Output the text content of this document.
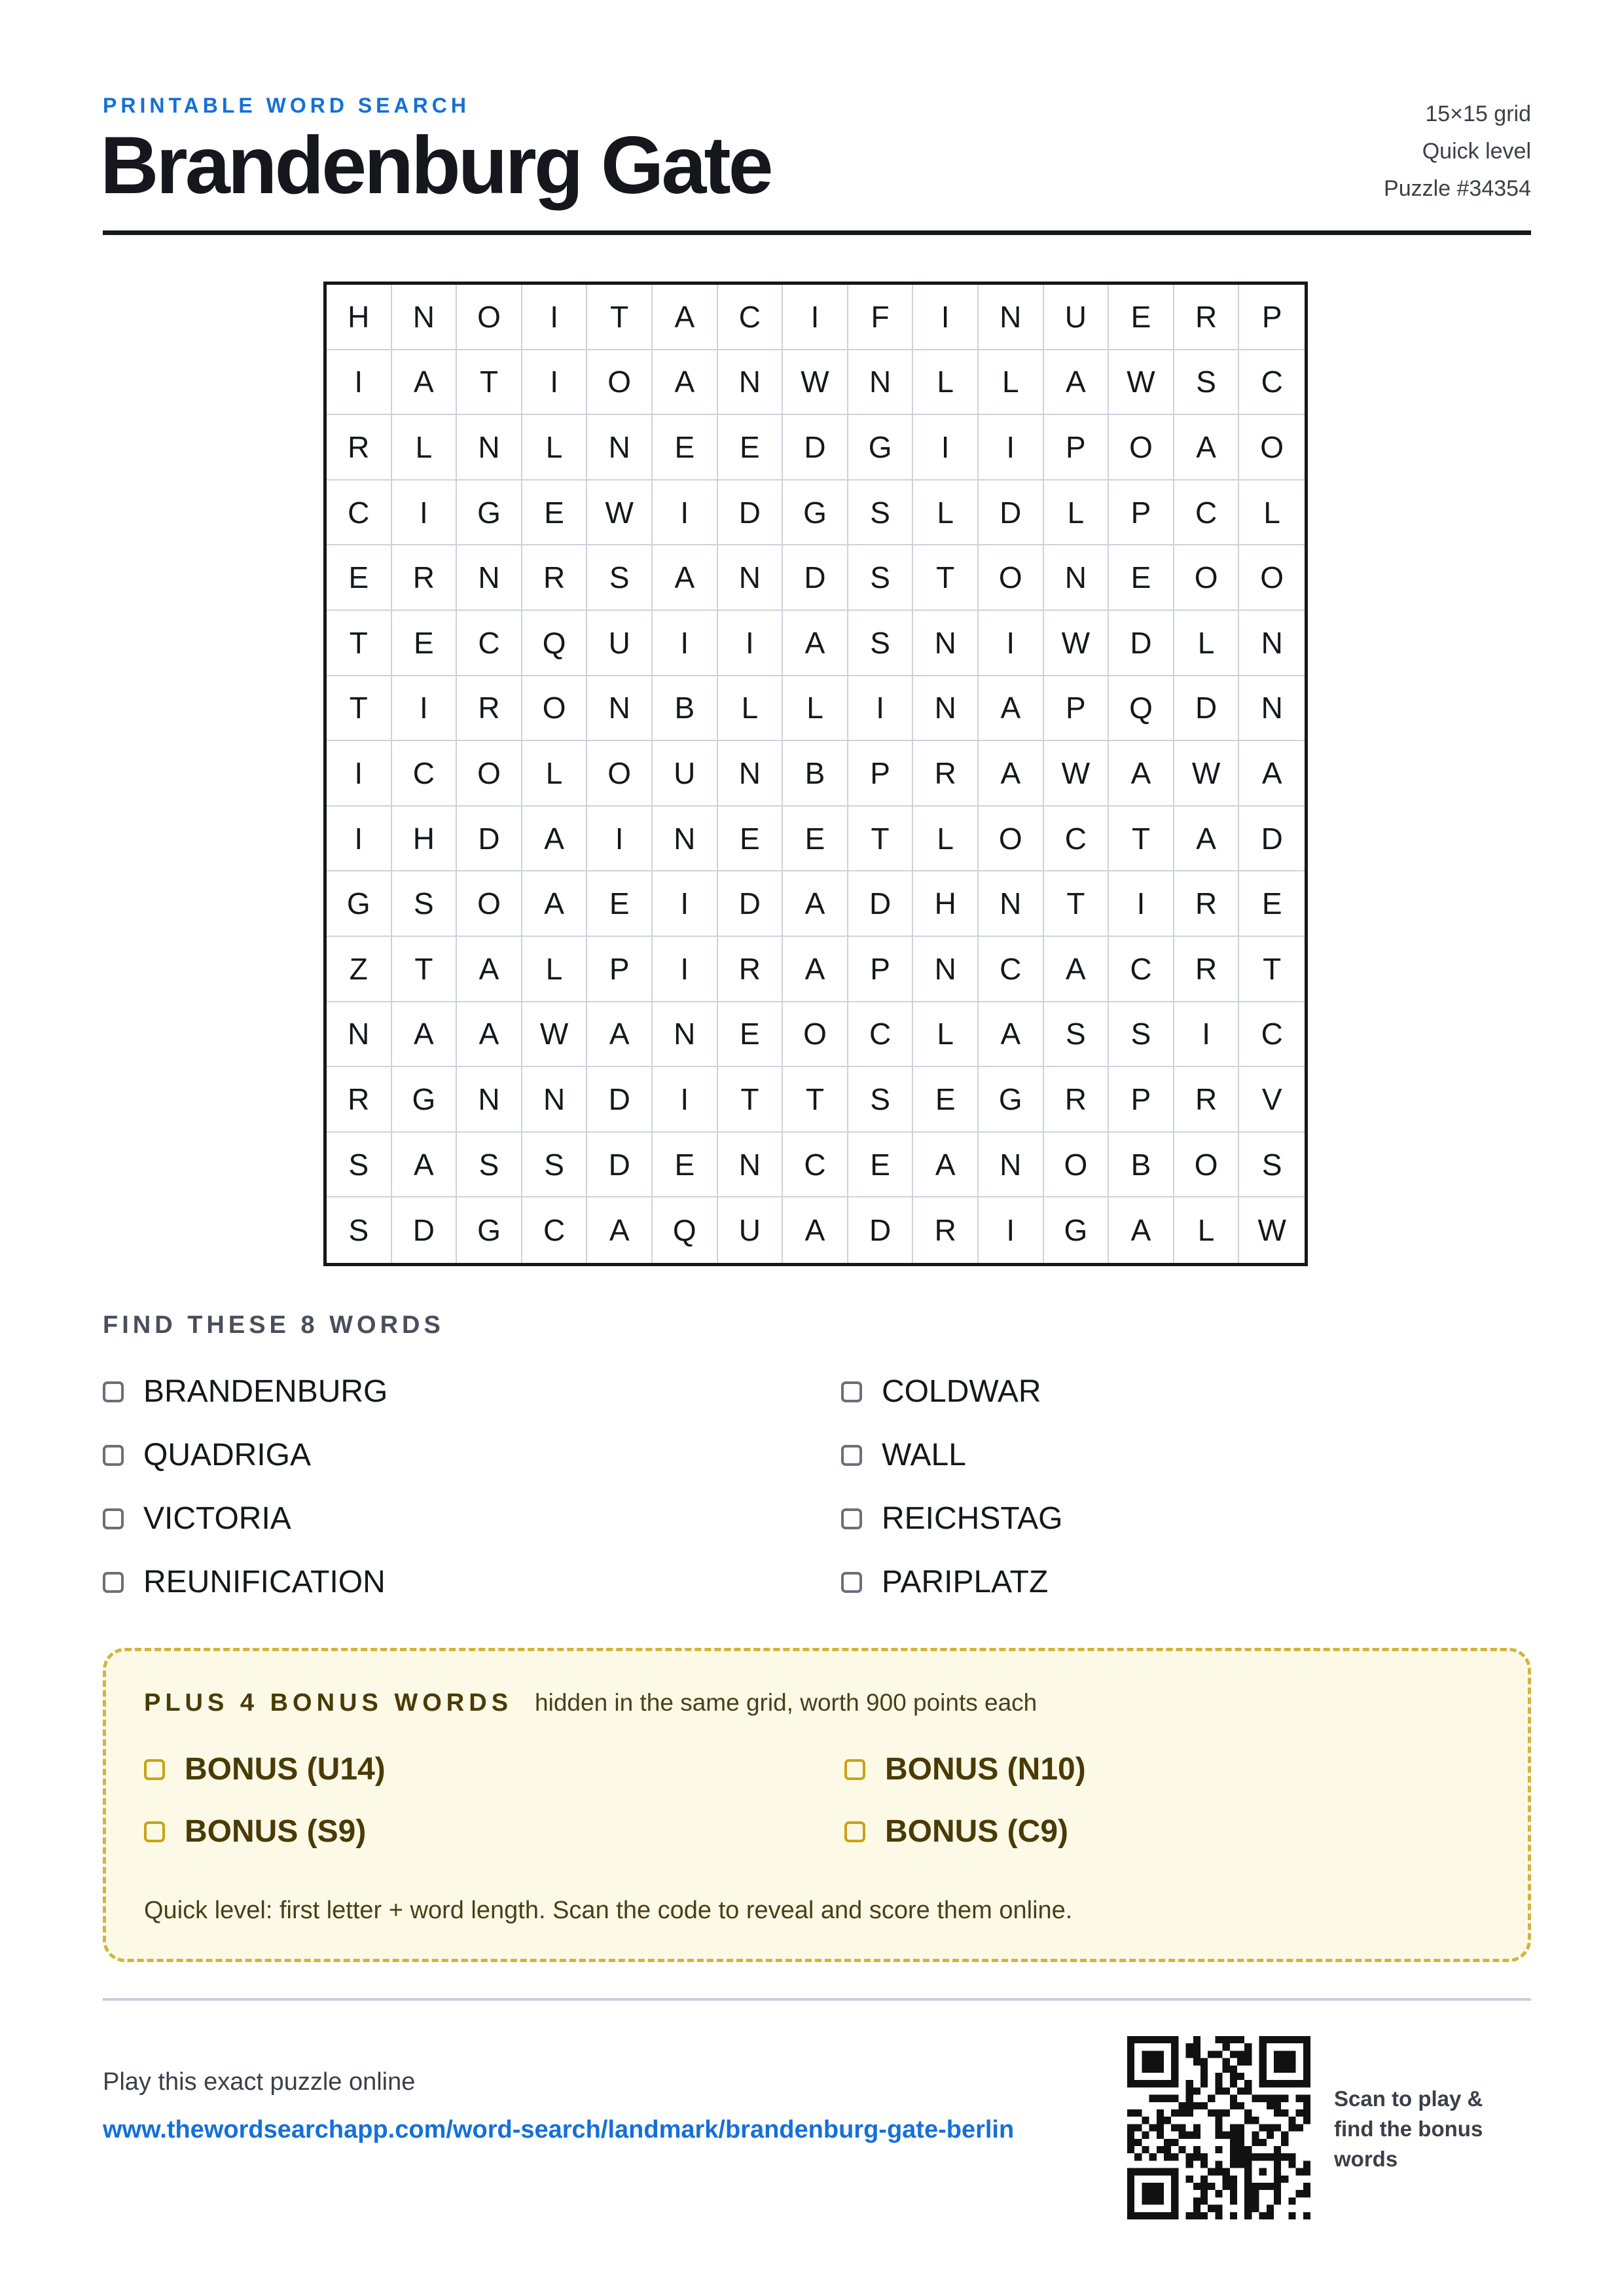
PRINTABLE WORD SEARCH
Brandenburg Gate
15×15 grid
Quick level
Puzzle #34354
H	N	O	I	T	A	C	I	F	I	N	U	E	R	P
I	A	T	I	O	A	N	W	N	L	L	A	W	S	C
R	L	N	L	N	E	E	D	G	I	I	P	O	A	O
C	I	G	E	W	I	D	G	S	L	D	L	P	C	L
E	R	N	R	S	A	N	D	S	T	O	N	E	O	O
T	E	C	Q	U	I	I	A	S	N	I	W	D	L	N
T	I	R	O	N	B	L	L	I	N	A	P	Q	D	N
I	C	O	L	O	U	N	B	P	R	A	W	A	W	A
I	H	D	A	I	N	E	E	T	L	O	C	T	A	D
G	S	O	A	E	I	D	A	D	H	N	T	I	R	E
Z	T	A	L	P	I	R	A	P	N	C	A	C	R	T
N	A	A	W	A	N	E	O	C	L	A	S	S	I	C
R	G	N	N	D	I	T	T	S	E	G	R	P	R	V
S	A	S	S	D	E	N	C	E	A	N	O	B	O	S
S	D	G	C	A	Q	U	A	D	R	I	G	A	L	W
FIND THESE 8 WORDS
BRANDENBURG	COLDWAR
QUADRIGA	WALL
VICTORIA	REICHSTAG
REUNIFICATION	PARIPLATZ
PLUS 4 BONUS WORDS hidden in the same grid, worth 900 points each
BONUS (U14)	BONUS (N10)
BONUS (S9)	BONUS (C9)
Quick level: first letter + word length. Scan the code to reveal and score them online.
Play this exact puzzle online
www.thewordsearchapp.com/word-search/landmark/brandenburg-gate-berlin
Scan to play & find the bonus words
